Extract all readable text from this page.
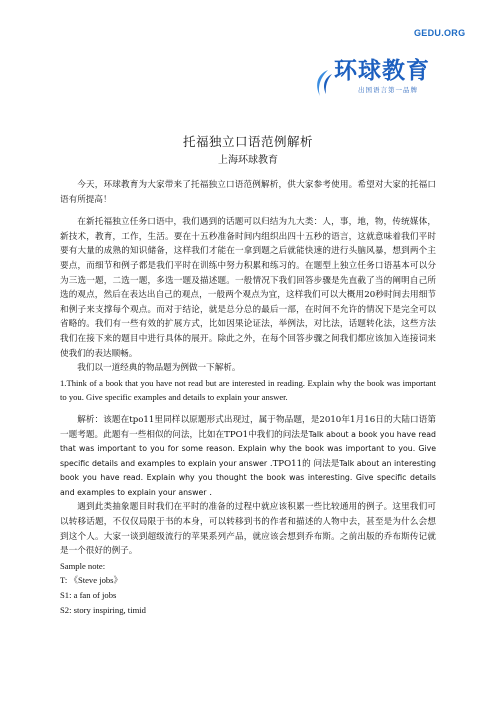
GEDU.ORG
环球教育
出国语言第一品牌
托福独立口语范例解析
上海环球教育

今天，环球教育为大家带来了托福独立口语范例解析，供大家参考使用。希望对大家的托福口语有所提高！

在新托福独立任务口语中，我们遇到的话题可以归结为九大类：人，事，地，物，传统媒体，新技术，教育，工作，生活。要在十五秒准备时间内组织出四十五秒的语言，这就意味着我们平时要有大量的成熟的知识储备，这样我们才能在一拿到题之后就能快速的进行头脑风暴，想到两个主要点，而细节和例子都是我们平时在训练中努力积累和练习的。在题型上独立任务口语基本可以分为三选一题，二选一题，多选一题及描述题。一般情况下我们回答步骤是先直截了当的阐明自己所选的观点，然后在表达出自己的观点，一般两个观点为宜，这样我们可以大概用20秒时间去用细节和例子来支撑每个观点。而对于结论，就是总分总的最后一部，在时间不允许的情况下是完全可以省略的。我们有一些有效的扩展方式，比如因果论证法，举例法，对比法，话题转化法，这些方法我们在接下来的题目中进行具体的展开。除此之外，在每个回答步骤之间我们都应该加入连接词来使我们的表达顺畅。

我们以一道经典的物品题为例做一下解析。

1.Think of a book that you have not read but are interested in reading. Explain why the book was important to you. Give specific examples and details to explain your answer.

解析：该题在tpo11里同样以原题形式出现过，属于物品题，是2010年1月16日的大陆口语第一题考题。此题有一些相似的问法，比如在TPO1中我们的问法是Talk about a book you have read that was important to you for some reason. Explain why the book was important to you. Give specific details and examples to explain your answer .TPO11的 问法是Talk about an interesting book you have read. Explain why you thought the book was interesting. Give specific details and examples to explain your answer .

遇到此类抽象题目时我们在平时的准备的过程中就应该积累一些比较通用的例子。这里我们可以转移话题，不仅仅局限于书的本身，可以转移到书的作者和描述的人物中去，甚至是为什么会想到这个人。大家一谈到超级流行的苹果系列产品，就应该会想到乔布斯。之前出版的乔布斯传记就是一个很好的例子。

Sample note:

T: 《Steve jobs》

S1: a fan of jobs

S2: story inspiring, timid
